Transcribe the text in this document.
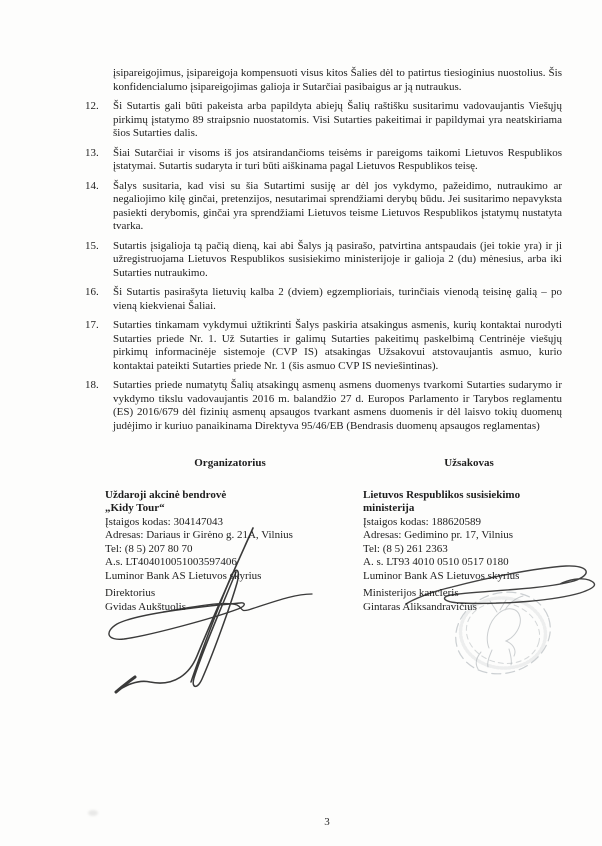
įsipareigojimus, įsipareigoja kompensuoti visus kitos Šalies dėl to patirtus tiesioginius nuostolius. Šis konfidencialumo įsipareigojimas galioja ir Sutarčiai pasibaigus ar ją nutraukus.
12. Ši Sutartis gali būti pakeista arba papildyta abiejų Šalių raštišku susitarimu vadovaujantis Viešųjų pirkimų įstatymo 89 straipsnio nuostatomis. Visi Sutarties pakeitimai ir papildymai yra neatskiriama šios Sutarties dalis.
13. Šiai Sutarčiai ir visoms iš jos atsirandančioms teisėms ir pareigoms taikomi Lietuvos Respublikos įstatymai. Sutartis sudaryta ir turi būti aiškinama pagal Lietuvos Respublikos teisę.
14. Šalys susitaria, kad visi su šia Sutartimi susiję ar dėl jos vykdymo, pažeidimo, nutraukimo ar negaliojimo kilę ginčai, pretenzijos, nesutarimai sprendžiami derybų būdu. Jei susitarimo nepavyksta pasiekti derybomis, ginčai yra sprendžiami Lietuvos teisme Lietuvos Respublikos įstatymų nustatyta tvarka.
15. Sutartis įsigalioja tą pačią dieną, kai abi Šalys ją pasirašo, patvirtina antspaudais (jei tokie yra) ir ji užregistruojama Lietuvos Respublikos susisiekimo ministerijoje ir galioja 2 (du) mėnesius, arba iki Sutarties nutraukimo.
16. Ši Sutartis pasirašyta lietuvių kalba 2 (dviem) egzemplioriais, turinčiais vienodą teisinę galią – po vieną kiekvienai Šaliai.
17. Sutarties tinkamam vykdymui užtikrinti Šalys paskiria atsakingus asmenis, kurių kontaktai nurodyti Sutarties priede Nr. 1. Už Sutarties ir galimų Sutarties pakeitimų paskelbimą Centrinėje viešųjų pirkimų informacinėje sistemoje (CVP IS) atsakingas Užsakovui atstovaujantis asmuo, kurio kontaktai pateikti Sutarties priede Nr. 1 (šis asmuo CVP IS neviešintinas).
18. Sutarties priede numatytų Šalių atsakingų asmenų asmens duomenys tvarkomi Sutarties sudarymo ir vykdymo tikslu vadovaujantis 2016 m. balandžio 27 d. Europos Parlamento ir Tarybos reglamentu (ES) 2016/679 dėl fizinių asmenų apsaugos tvarkant asmens duomenis ir dėl laisvo tokių duomenų judėjimo ir kuriuo panaikinama Direktyva 95/46/EB (Bendrasis duomenų apsaugos reglamentas)
Organizatorius
Uždaroji akcinė bendrovė
„Kidy Tour“
Įstaigos kodas: 304147043
Adresas: Dariaus ir Girėno g. 21A, Vilnius
Tel: (8 5) 207 80 70
A.s. LT404010051003597406
Luminor Bank AS Lietuvos skyrius
Direktorius
Gvidas Aukštuolis
Užsakovas
Lietuvos Respublikos susisiekimo
ministerija
Įstaigos kodas: 188620589
Adresas: Gedimino pr. 17, Vilnius
Tel: (8 5) 261 2363
A. s. LT93 4010 0510 0517 0180
Luminor Bank AS Lietuvos skyrius
Ministerijos kancleris
Gintaras Aliksandravičius
3
